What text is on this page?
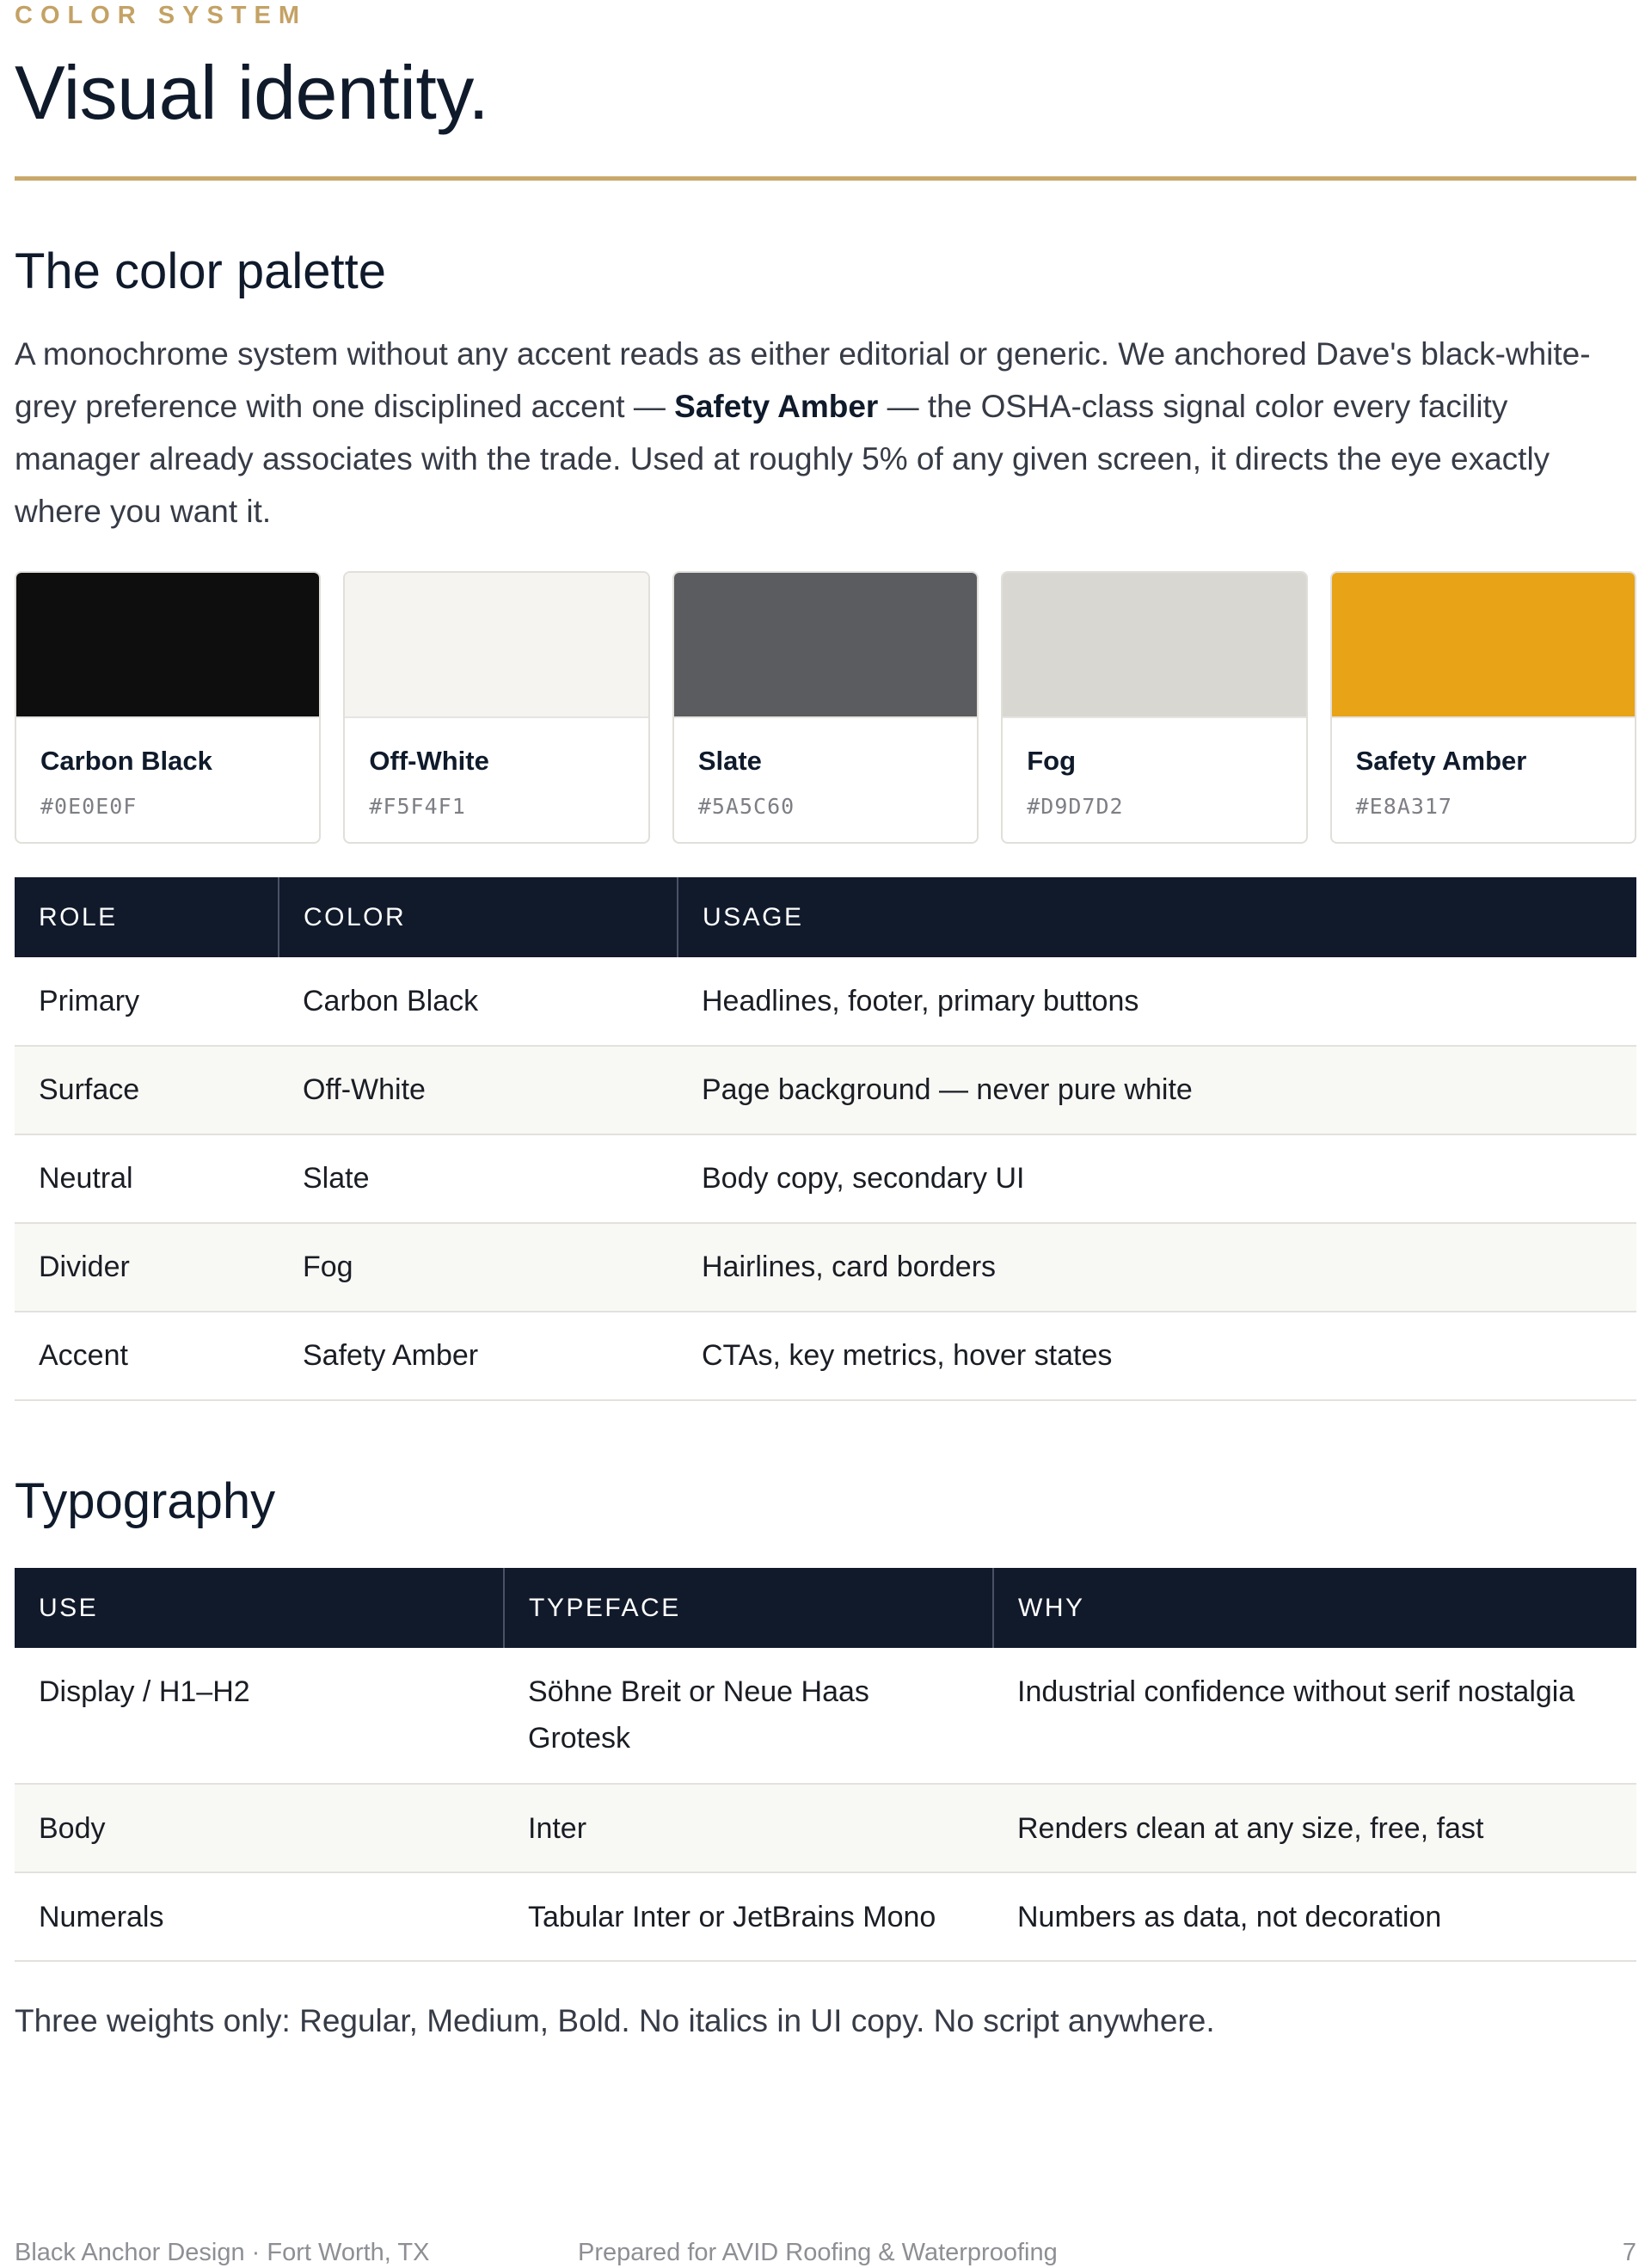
COLOR SYSTEM
Visual identity.
The color palette

A monochrome system without any accent reads as either editorial or generic. We anchored Dave's black-white-grey preference with one disciplined accent — Safety Amber — the OSHA-class signal color every facility manager already associates with the trade. Used at roughly 5% of any given screen, it directs the eye exactly where you want it.

Carbon Black
#0E0E0F
Off-White
#F5F4F1
Slate
#5A5C60
Fog
#D9D7D2
Safety Amber
#E8A317
ROLE	COLOR	USAGE
Primary	Carbon Black	Headlines, footer, primary buttons
Surface	Off-White	Page background — never pure white
Neutral	Slate	Body copy, secondary UI
Divider	Fog	Hairlines, card borders
Accent	Safety Amber	CTAs, key metrics, hover states
Typography
USE	TYPEFACE	WHY
Display / H1–H2	Söhne Breit or Neue Haas Grotesk	Industrial confidence without serif nostalgia
Body	Inter	Renders clean at any size, free, fast
Numerals	Tabular Inter or JetBrains Mono	Numbers as data, not decoration

Three weights only: Regular, Medium, Bold. No italics in UI copy. No script anywhere.

Black Anchor Design · Fort Worth, TX	Prepared for AVID Roofing & Waterproofing	7
